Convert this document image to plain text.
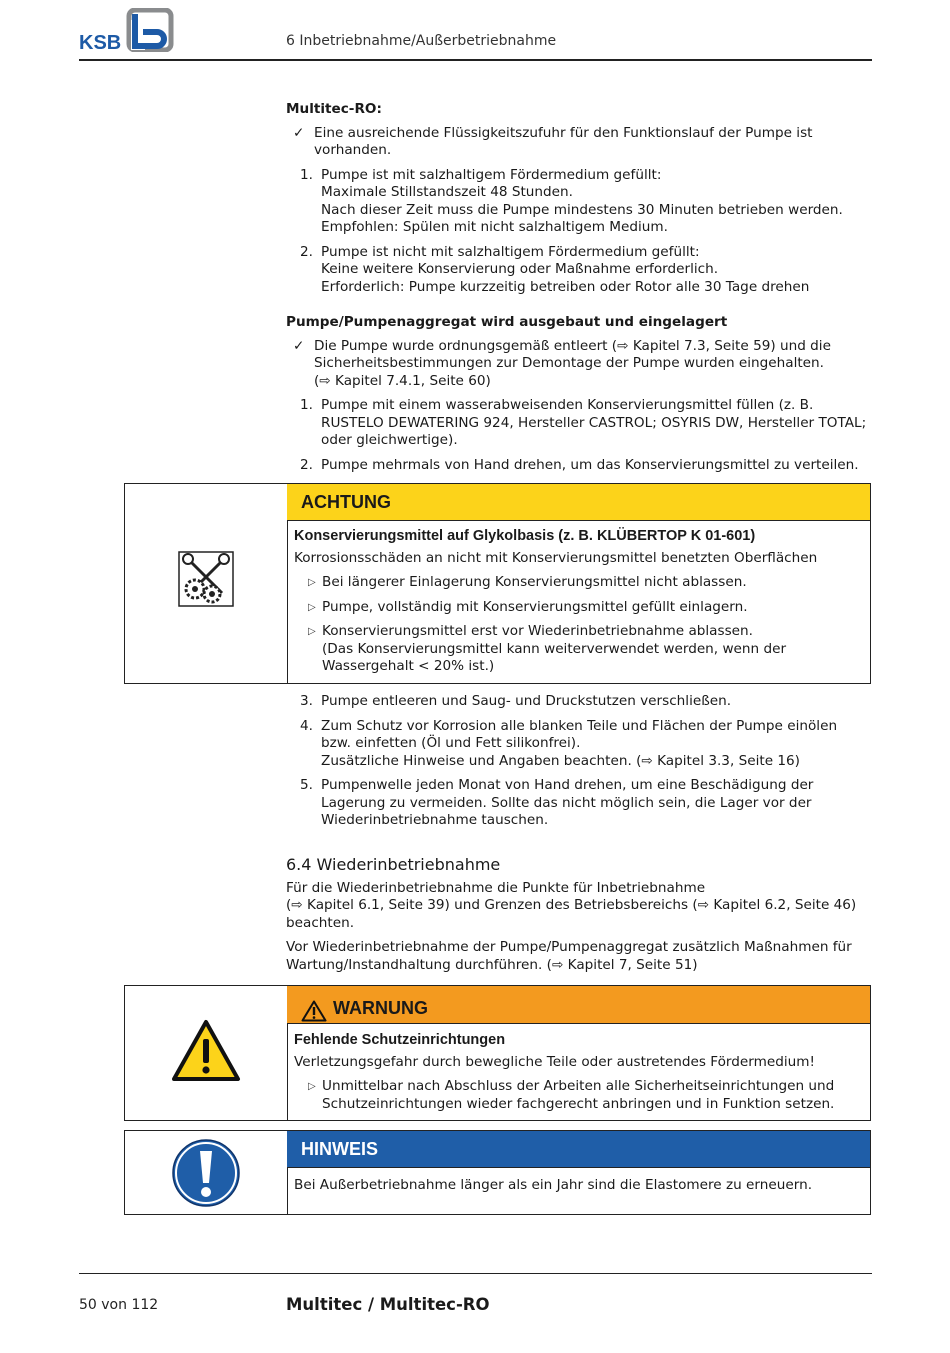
KSB	6 Inbetriebnahme/Außerbetriebnahme
Multitec-RO:
✓ Eine ausreichende Flüssigkeitszufuhr für den Funktionslauf der Pumpe ist
vorhanden.
1. Pumpe ist mit salzhaltigem Fördermedium gefüllt:
Maximale Stillstandszeit 48 Stunden.
Nach dieser Zeit muss die Pumpe mindestens 30 Minuten betrieben werden.
Empfohlen: Spülen mit nicht salzhaltigem Medium.
2. Pumpe ist nicht mit salzhaltigem Fördermedium gefüllt:
Keine weitere Konservierung oder Maßnahme erforderlich.
Erforderlich: Pumpe kurzzeitig betreiben oder Rotor alle 30 Tage drehen
Pumpe/Pumpenaggregat wird ausgebaut und eingelagert
✓ Die Pumpe wurde ordnungsgemäß entleert (⇨ Kapitel 7.3, Seite 59) und die
Sicherheitsbestimmungen zur Demontage der Pumpe wurden eingehalten.
(⇨ Kapitel 7.4.1, Seite 60)
1. Pumpe mit einem wasserabweisenden Konservierungsmittel füllen (z. B.
RUSTELO DEWATERING 924, Hersteller CASTROL; OSYRIS DW, Hersteller TOTAL;
oder gleichwertige).
2. Pumpe mehrmals von Hand drehen, um das Konservierungsmittel zu verteilen.
ACHTUNG
Konservierungsmittel auf Glykolbasis (z. B. KLÜBERTOP K 01-601)
Korrosionsschäden an nicht mit Konservierungsmittel benetzten Oberflächen
▷ Bei längerer Einlagerung Konservierungsmittel nicht ablassen.
▷ Pumpe, vollständig mit Konservierungsmittel gefüllt einlagern.
▷ Konservierungsmittel erst vor Wiederinbetriebnahme ablassen.
(Das Konservierungsmittel kann weiterverwendet werden, wenn der
Wassergehalt < 20% ist.)
3. Pumpe entleeren und Saug- und Druckstutzen verschließen.
4. Zum Schutz vor Korrosion alle blanken Teile und Flächen der Pumpe einölen
bzw. einfetten (Öl und Fett silikonfrei).
Zusätzliche Hinweise und Angaben beachten. (⇨ Kapitel 3.3, Seite 16)
5. Pumpenwelle jeden Monat von Hand drehen, um eine Beschädigung der
Lagerung zu vermeiden. Sollte das nicht möglich sein, die Lager vor der
Wiederinbetriebnahme tauschen.
6.4 Wiederinbetriebnahme
Für die Wiederinbetriebnahme die Punkte für Inbetriebnahme
(⇨ Kapitel 6.1, Seite 39) und Grenzen des Betriebsbereichs (⇨ Kapitel 6.2, Seite 46)
beachten.
Vor Wiederinbetriebnahme der Pumpe/Pumpenaggregat zusätzlich Maßnahmen für
Wartung/Instandhaltung durchführen. (⇨ Kapitel 7, Seite 51)
WARNUNG
Fehlende Schutzeinrichtungen
Verletzungsgefahr durch bewegliche Teile oder austretendes Fördermedium!
▷ Unmittelbar nach Abschluss der Arbeiten alle Sicherheitseinrichtungen und
Schutzeinrichtungen wieder fachgerecht anbringen und in Funktion setzen.
HINWEIS
Bei Außerbetriebnahme länger als ein Jahr sind die Elastomere zu erneuern.
50 von 112	Multitec / Multitec-RO
